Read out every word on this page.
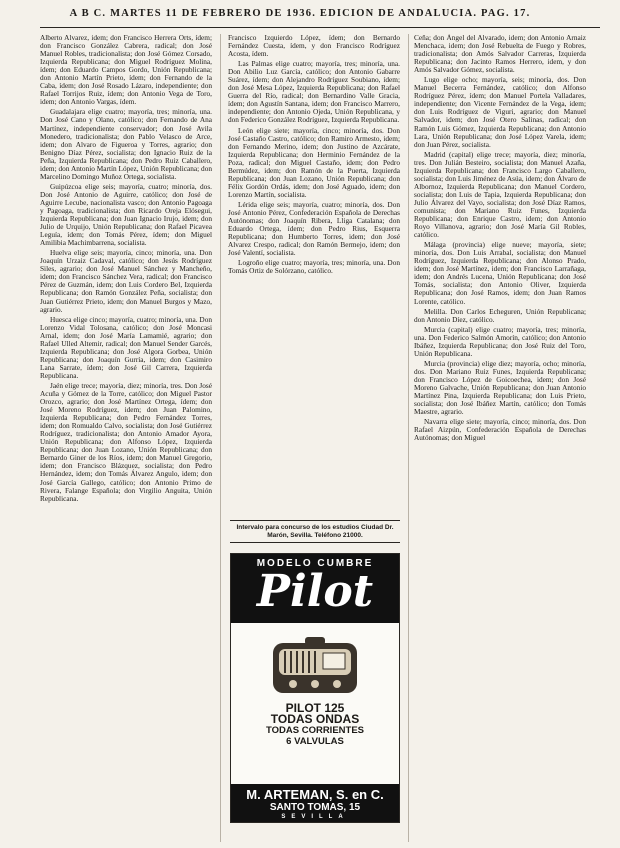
A B C. MARTES 11 DE FEBRERO DE 1936. EDICION DE ANDALUCIA. PAG. 17.

Alberto Alvarez, idem; don Francisco Herrera Orts, ídem; don Francisco González Cabrera, radical; don José Manuel Robles, tradicionalista; don José Gómez Corsado, Izquierda Republicana; don Miguel Rodríguez Molina, ídem; don Eduardo Campos Gordo, Unión Republicana; don Antonio Martín Prieto, ídem; don Fernando de la Caba, ídem; don José Rosado Lázaro, independiente; don Rafael Torrijos Ruiz, ídem; don Antonio Vega de Toro, idem; don Antonio Vargas, ídem.

Guadalajara elige cuatro; mayoría, tres; minoría, una. Don José Cano y Olano, católico; don Fernando de Ana Martínez, independiente conservador; don José Avila Monedero, tradicionalista; don Pablo Velasco de Arce, idem; don Alvaro de Figueroa y Torres, agrario; don Benigno Díaz Pérez, socialista; don Ignacio Ruiz de la Peña, Izquierda Republicana; don Pedro Ruiz Caballero, idem; don Antonio Martín López, Unión Republicana; don Marcelino Domingo Muñoz Ortega, socialista.

Guipúzcoa elige seis; mayoría, cuatro; minoría, dos. Don José Antonio de Aguirre, católico; don José de Aguirre Lecube, nacionalista vasco; don Antonio Pagoaga y Pagoaga, tradicionalista; don Ricardo Oreja Elósegui, Izquierda Republicana; don Juan Ignacio Irujo, idem; don Julio de Urquijo, Unión Republicana; don Rafael Picavea Leguía, ídem; don Tomás Pérez, ídem; don Miguel Amilibia Machimbarrena, socialista.

Huelva elige seis; mayoría, cinco; minoría, una. Don Joaquín Urzaiz Cadaval, católico; don Jesús Rodríguez Siles, agrario; don José Manuel Sánchez y Mancheño, idem; don Francisco Sánchez Vera, radical; don Francisco Pérez de Guzmán, idem; don Luis Cordero Bel, Izquierda Republicana; don Ramón González Peña, socialista; don Juan Gutiérrez Prieto, idem; don Manuel Burgos y Mazo, agrario.

Huesca elige cinco; mayoría, cuatro; minoría, una. Don Lorenzo Vidal Tolosana, católico; don José Moncasi Arnal, idem; don José María Lamamié, agrario; don Rafael Ulled Altemir, radical; don Manuel Sender Garcés, Izquierda Republicana; don José Algora Gorbea, Unión Republicana; don Joaquín Gurría, idem; don Casimiro Lana Sarrate, ídem; don José Gil Carrera, Izquierda Republicana.

Jaén elige trece; mayoría, diez; minoría, tres. Don José Acuña y Gómez de la Torre, católico; don Miguel Pastor Orozco, agrario; don José Martínez Ortega, ídem; don José Moreno Rodríguez, idem; don Juan Palomino, Izquierda Republicana; don Pedro Fernández Torres, idem; don Romualdo Calvo, socialista; don José Gutiérrez Rodríguez, tradicionalista; don Antonio Amador Ayora, Unión Republicana; don Alfonso López, Izquierda Republicana; don Juan Lozano, Unión Republicana; don Bernardo Giner de los Ríos, idem; don Manuel Gregorio, idem; don Francisco Blázquez, socialista; don Pedro Hernández, idem; don Tomás Álvarez Angulo, idem; don José García Gallego, católico; don Antonio Primo de Rivera, Falange Española; don Virgilio Anguita, Unión Republicana.

Francisco Izquierdo López, ídem; don Bernardo Fernández Cuesta, ídem, y don Francisco Rodríguez Acosta, ídem.

Las Palmas elige cuatro; mayoría, tres; minoría, una. Don Abilio Luz García, católico; don Antonio Gabarre Suárez, ídem; don Alejandro Rodríguez Soubiano, ídem; don José Mesa López, Izquierda Republicana; don Rafael Guerra del Río, radical; don Bernardino Valle Gracia, ídem; don Agustín Santana, idem; don Francisco Marrero, independiente; don Antonio Ojeda, Unión Republicana, y don Federico González Rodríguez, Izquierda Republicana.

León elige siete; mayoría, cinco; minoría, dos. Don José Castaño Castro, católico; don Ramiro Armesto, idem; don Fernando Merino, idem; don Justino de Azcárate, Izquierda Republicana; don Herminio Fernández de la Poza, radical; don Miguel Castaño, idem; don Pedro Bermúdez, idem; don Ramón de la Puerta, Izquierda Republicana; don Juan Lozano, Unión Republicana; don Félix Gordón Ordás, idem; don José Aguado, idem; don Lorenzo Martín, socialista.

Lérida elige seis; mayoría, cuatro; minoría, dos. Don José Antonio Pérez, Confederación Española de Derechas Autónomas; don Joaquín Ribera, Lliga Catalana; don Eduardo Ortega, ídem; don Pedro Rius, Esquerra Republicana; don Humberto Torres, idem; don José Alvarez Crespo, radical; don Ramón Bermejo, idem; don José Valentí, socialista.

Logroño elige cuatro; mayoría, tres; minoría, una. Don Tomás Ortiz de Solórzano, católico.

Intervalo para concurso de los estudios Ciudad Dr. Marón, Sevilla. Teléfono 21000.
MODELO CUMBRE
Pilot
PILOT 125
TODAS ONDAS
TODAS CORRIENTES
6 VALVULAS
M. ARTEMAN, S. en C.
SANTO TOMAS, 15
SEVILLA

Ceña; don Ángel del Alvarado, idem; don Antonio Arnaiz Menchaca, idem; don José Rebuelta de Fuego y Robres, tradicionalista; don Amós Salvador Carreras, Izquierda Republicana; don Jacinto Ramos Herrero, idem, y don Amós Salvador Gómez, socialista.

Lugo elige ocho; mayoría, seis; minoría, dos. Don Manuel Becerra Fernández, católico; don Alfonso Rodríguez Pérez, ídem; don Manuel Portela Valladares, independiente; don Vicente Fernández de la Vega, idem; don Luis Rodríguez de Viguri, agrario; don Manuel Salvador, idem; don José Otero Salinas, radical; don Ramón Luis Gómez, Izquierda Republicana; don Antonio Lara, Unión Republicana; don José López Varela, idem; don Juan Pérez, socialista.

Madrid (capital) elige trece; mayoría, diez; minoría, tres. Don Julián Besteiro, socialista; don Manuel Azaña, Izquierda Republicana; don Francisco Largo Caballero, socialista; don Luis Jiménez de Asúa, idem; don Álvaro de Albornoz, Izquierda Republicana; don Manuel Cordero, socialista; don Luis de Tapia, Izquierda Republicana; don Julio Álvarez del Vayo, socialista; don José Díaz Ramos, comunista; don Mariano Ruiz Funes, Izquierda Republicana; don Enrique Castro, idem; don Antonio Royo Villanova, agrario; don José María Gil Robles, católico.

Málaga (provincia) elige nueve; mayoría, siete; minoría, dos. Don Luis Arrabal, socialista; don Manuel Rodríguez, Izquierda Republicana; don Alonso Prado, idem; don José Martínez, idem; don Francisco Larrañaga, idem; don Andrés Lucena, Unión Republicana; don José Tomás, socialista; don Antonio Oliver, Izquierda Republicana; don José Ramos, idem; don Juan Ramos Lorente, católico.

Melilla. Don Carlos Echeguren, Unión Republicana; don Antonio Díez, católico.

Murcia (capital) elige cuatro; mayoría, tres; minoría, una. Don Federico Salmón Amorín, católico; don Antonio Ibáñez, Izquierda Republicana; don José Ruiz del Toro, Unión Republicana.

Murcia (provincia) elige diez; mayoría, ocho; minoría, dos. Don Mariano Ruiz Funes, Izquierda Republicana; don Francisco López de Goicoechea, idem; don José Moreno Galvache, Unión Republicana; don Juan Antonio Martínez Pina, Izquierda Republicana; don Luis Prieto, socialista; don José Ibáñez Martín, católico; don Tomás Maestre, agrario.

Navarra elige siete; mayoría, cinco; minoría, dos. Don Rafael Aizpún, Confederación Española de Derechas Autónomas; don Miguel
